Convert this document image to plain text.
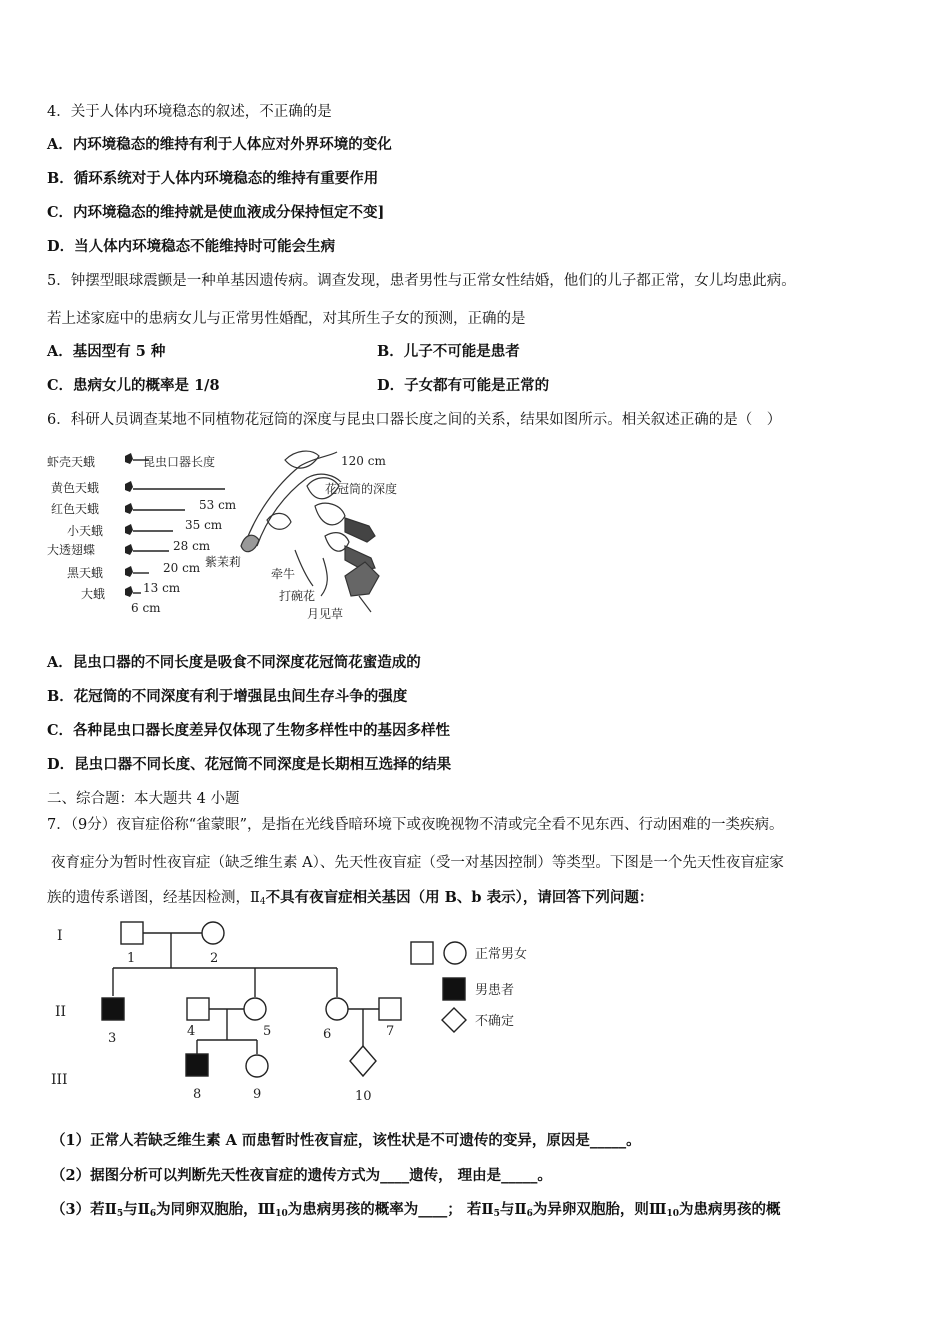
4．关于人体内环境稳态的叙述，不正确的是
A．内环境稳态的维持有利于人体应对外界环境的变化
B．循环系统对于人体内环境稳态的维持有重要作用
C．内环境稳态的维持就是使血液成分保持恒定不变]
D．当人体内环境稳态不能维持时可能会生病
5．钟摆型眼球震颤是一种单基因遗传病。调查发现，患者男性与正常女性结婚，他们的儿子都正常，女儿均患此病。
若上述家庭中的患病女儿与正常男性婚配，对其所生子女的预测，正确的是
A．基因型有 5 种	B．儿子不可能是患者
C．患病女儿的概率是 1/8	D．子女都有可能是正常的
6．科研人员调查某地不同植物花冠筒的深度与昆虫口器长度之间的关系，结果如图所示。相关叙述正确的是（　）
虾壳天蛾
黄色天蛾
红色天蛾
小天蛾
大透翅蝶
黑天蛾
大蛾
昆虫口器长度	120 cm
53 cm
35 cm
28 cm
20 cm
13 cm
6 cm
花冠筒的深度
紫茉莉
牵牛
打碗花
月见草
A．昆虫口器的不同长度是吸食不同深度花冠筒花蜜造成的
B．花冠筒的不同深度有利于增强昆虫间生存斗争的强度
C．各种昆虫口器长度差异仅体现了生物多样性中的基因多样性
D．昆虫口器不同长度、花冠筒不同深度是长期相互选择的结果
二、综合题：本大题共 4 小题
7．（9分）夜盲症俗称“雀蒙眼”，是指在光线昏暗环境下或夜晚视物不清或完全看不见东西、行动困难的一类疾病。
夜育症分为暂时性夜盲症（缺乏维生素 A）、先天性夜盲症（受一对基因控制）等类型。下图是一个先天性夜盲症家
族的遗传系谱图，经基因检测，$Ⅱ_4$不具有夜盲症相关基因（用 B、b 表示），请回答下列问题：
I
II
III
1	2
3	4	5	6	7
8	9	10
正常男女
男患者
不确定
（1）正常人若缺乏维生素 A 而患暂时性夜盲症，该性状是不可遗传的变异，原因是_____。
（2）据图分析可以判断先天性夜盲症的遗传方式为____遗传， 理由是_____。
（3）若$Ⅱ_5$与$Ⅱ_6$为同卵双胞胎，$Ⅲ_{10}$为患病男孩的概率为____； 若$Ⅱ_5$与$Ⅱ_6$为异卵双胞胎，则$Ⅲ_{10}$为患病男孩的概
